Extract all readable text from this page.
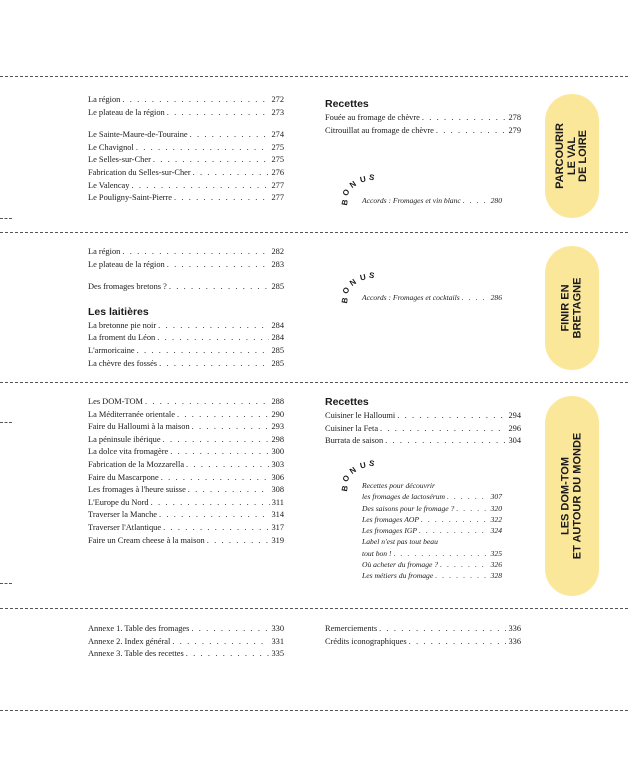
La région . . .	272
Le plateau de la région . . .	273
Le Sainte-Maure-de-Touraine . . .	274
Le Chavignol . . .	275
Le Selles-sur-Cher . . .	275
Fabrication du Selles-sur-Cher . . .	276
Le Valencay . . .	277
Le Pouligny-Saint-Pierre . . .	277
Recettes
Fouée au fromage de chèvre . . .	278
Citrouillat au fromage de chèvre . . .	279
B
O
N U S
Accords : Fromages et vin blanc . . .	280
PARCOURIR LE VAL DE LOIRE
La région . . .	282
Le plateau de la région . . .	283
Des fromages bretons ? . . .	285
Les laitières
La bretonne pie noir . . .	284
La froment du Léon . . .	284
L'armoricaine . . .	285
La chèvre des fossés . . .	285
B
O
N U S
Accords : Fromages et cocktails . . .	286	FINIR EN BRETAGNE
Les DOM-TOM . . .	288
La Méditerranée orientale . . .	290
Faire du Halloumi à la maison . . .	293
La péninsule ibérique . . .	298
La dolce vita fromagère . . .	300
Fabrication de la Mozzarella . . .	303
Faire du Mascarpone . . .	306
Les fromages à l'heure suisse . . .	308
L'Europe du Nord . . .	311
Traverser la Manche . . .	314
Traverser l'Atlantique . . .	317
Faire un Cream cheese à la maison . . .	319
Recettes
Cuisiner le Halloumi . . .	294
Cuisiner la Feta . . .	296
Burrata de saison . . .	304
B
O
N U S
Recettes pour découvrir
les fromages de lactosérum . . .	307
Des saisons pour le fromage ? . . .	320
Les fromages AOP . . .	322
Les fromages IGP . . .	324
Label n'est pas tout beau
tout bon ! . . .	325
Où acheter du fromage ? . . .	326
Les métiers du fromage . . .	328
LES DOM-TOM ET AUTOUR DU MONDE
Annexe 1. Table des fromages . . .	330
Annexe 2. Index général . . .	331
Annexe 3. Table des recettes . . .	335
Remerciements . . .	336
Crédits iconographiques . . .	336
